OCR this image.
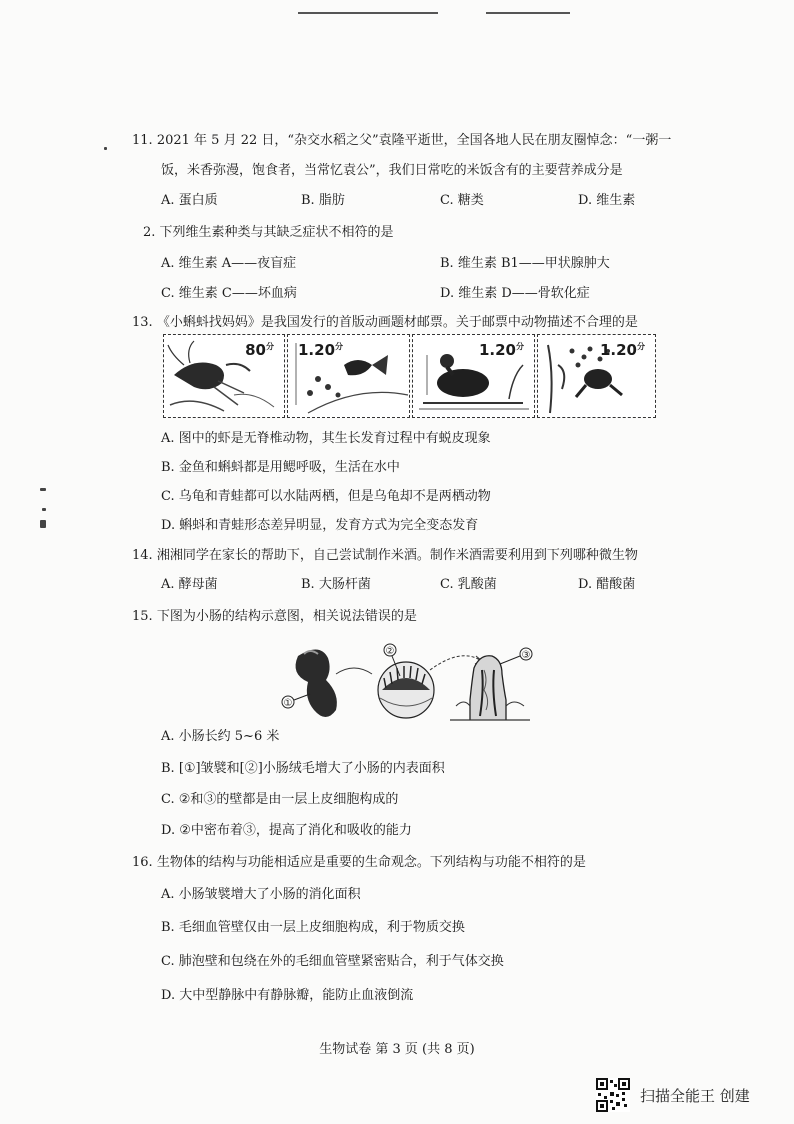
11. 2021 年 5 月 22 日，“杂交水稻之父”袁隆平逝世，全国各地人民在朋友圈悼念：“一粥一
饭，米香弥漫，饱食者，当常忆袁公”，我们日常吃的米饭含有的主要营养成分是
A. 蛋白质	B. 脂肪	C. 糖类	D. 维生素
2. 下列维生素种类与其缺乏症状不相符的是
A. 维生素 A——夜盲症	B. 维生素 B1——甲状腺肿大
C. 维生素 C——坏血病	D. 维生素 D——骨软化症
13. 《小蝌蚪找妈妈》是我国发行的首版动画题材邮票。关于邮票中动物描述不合理的是
$80^分$ $1.20^分$	$1.20^分$	$1.20^分$
A. 图中的虾是无脊椎动物，其生长发育过程中有蜕皮现象
B. 金鱼和蝌蚪都是用鳃呼吸，生活在水中
C. 乌龟和青蛙都可以水陆两栖，但是乌龟却不是两栖动物
D. 蝌蚪和青蛙形态差异明显，发育方式为完全变态发育
14. 湘湘同学在家长的帮助下，自己尝试制作米酒。制作米酒需要利用到下列哪种微生物
A. 酵母菌	B. 大肠杆菌	C. 乳酸菌	D. 醋酸菌
15. 下图为小肠的结构示意图，相关说法错误的是
①
②	③
A. 小肠长约 5~6 米
B. [①]皱襞和[②]小肠绒毛增大了小肠的内表面积
C. ②和③的壁都是由一层上皮细胞构成的
D. ②中密布着③，提高了消化和吸收的能力
16. 生物体的结构与功能相适应是重要的生命观念。下列结构与功能不相符的是
A. 小肠皱襞增大了小肠的消化面积
B. 毛细血管壁仅由一层上皮细胞构成，利于物质交换
C. 肺泡壁和包绕在外的毛细血管壁紧密贴合，利于气体交换
D. 大中型静脉中有静脉瓣，能防止血液倒流
生物试卷 第 3 页 (共 8 页)
扫描全能王 创建
